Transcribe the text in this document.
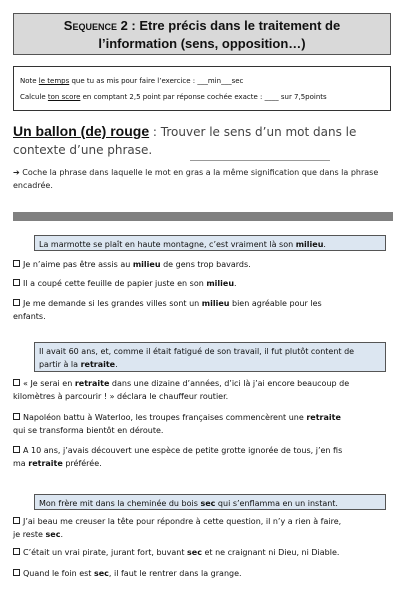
Sequence 2 : Etre précis dans le traitement de
l’information (sens, opposition…)
Note le temps que tu as mis pour faire l’exercice : ___min___sec
Calcule ton score en comptant 2,5 point par réponse cochée exacte : ____ sur 7,5points
Un ballon (de) rouge : Trouver le sens d’un mot dans le
contexte d’une phrase.
➔ Coche la phrase dans laquelle le mot en gras a la même signification que dans la phrase
encadrée.
La marmotte se plaît en haute montagne, c’est vraiment là son milieu.
Je n’aime pas être assis au milieu de gens trop bavards.
Il a coupé cette feuille de papier juste en son milieu.
Je me demande si les grandes villes sont un milieu bien agréable pour les
enfants.
Il avait 60 ans, et, comme il était fatigué de son travail, il fut plutôt content de
partir à la retraite.
« Je serai en retraite dans une dizaine d’années, d’ici là j’ai encore beaucoup de
kilomètres à parcourir ! » déclara le chauffeur routier.
Napoléon battu à Waterloo, les troupes françaises commencèrent une retraite
qui se transforma bientôt en déroute.
A 10 ans, j’avais découvert une espèce de petite grotte ignorée de tous, j’en fis
ma retraite préférée.
Mon frère mit dans la cheminée du bois sec qui s’enflamma en un instant.
J’ai beau me creuser la tête pour répondre à cette question, il n’y a rien à faire,
je reste sec.
C’était un vrai pirate, jurant fort, buvant sec et ne craignant ni Dieu, ni Diable.
Quand le foin est sec, il faut le rentrer dans la grange.
